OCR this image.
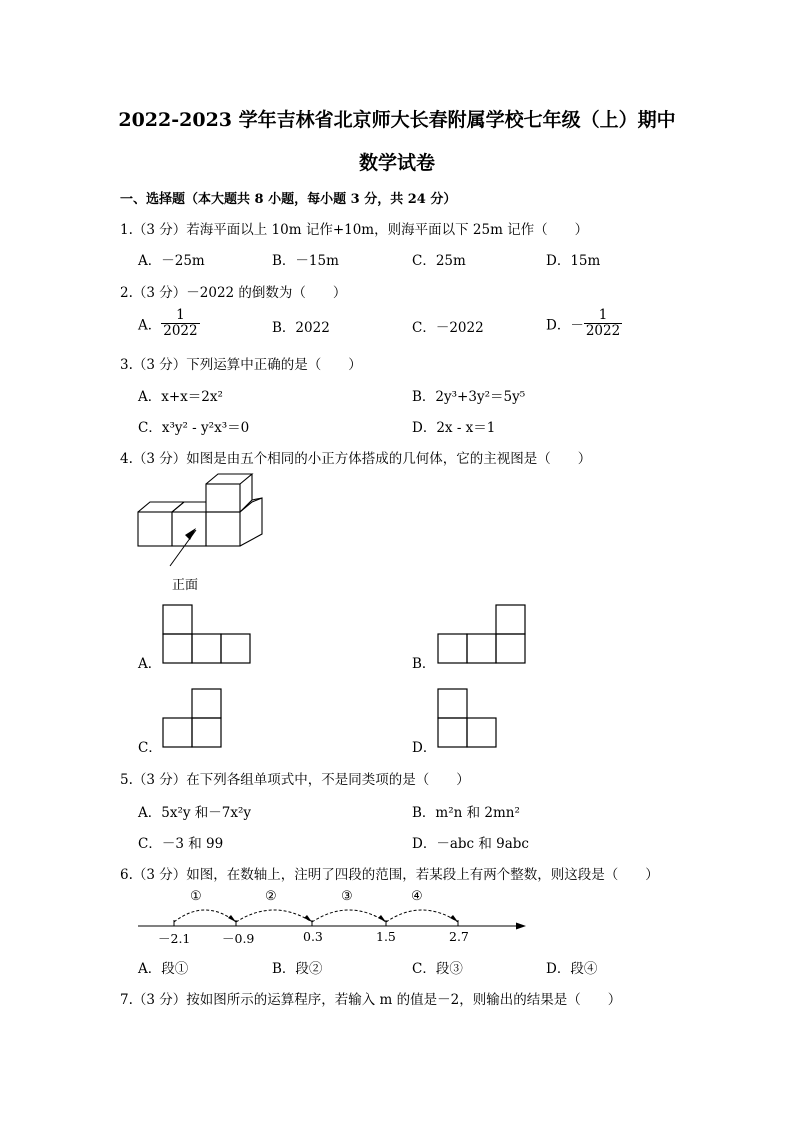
2022-2023 学年吉林省北京师大长春附属学校七年级（上）期中
数学试卷
一、选择题（本大题共 8 小题，每小题 3 分，共 24 分）
1.（3 分）若海平面以上 10m 记作+10m，则海平面以下 25m 记作（　　）
A．－25m	B．－15m	C．25m	D．15m
2.（3 分）－2022 的倒数为（　　）
A． $\frac{1}{2022}$	B．2022	C．－2022	D．－ $\frac{1}{2022}$
3.（3 分）下列运算中正确的是（　　）
A．x+x＝2x²	B．2y³+3y²＝5y⁵
C．x³y² - y²x³＝0	D．2x - x＝1
4.（3 分）如图是由五个相同的小正方体搭成的几何体，它的主视图是（　　）
正面
A．	B．
C．	D．
5.（3 分）在下列各组单项式中，不是同类项的是（　　）
A．5x²y 和－7x²y	B．m²n 和 2mn²
C．－3 和 99	D．－abc 和 9abc
6.（3 分）如图，在数轴上，注明了四段的范围，若某段上有两个整数，则这段是（　　）
①	②	③	④
－2.1	－0.9	0.3	1.5	2.7
A．段①	B．段②	C．段③	D．段④
7.（3 分）按如图所示的运算程序，若输入 m 的值是－2，则输出的结果是（　　）
